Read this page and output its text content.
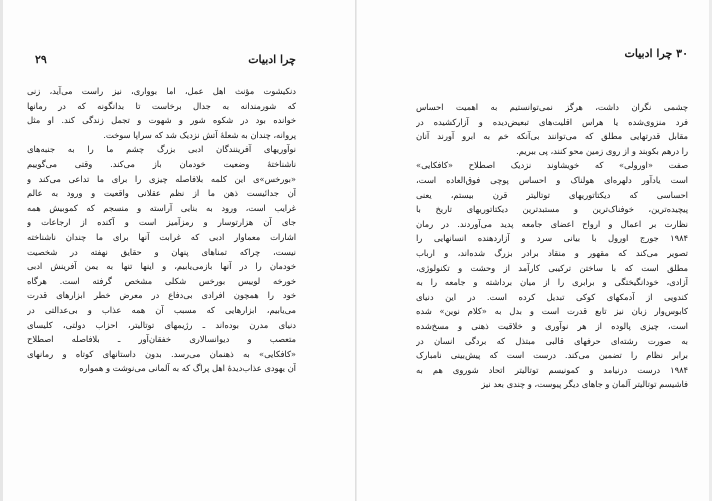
چرا ادبیات
۲۹
دنکیشوت مؤنث اهل عمل، اما بوواری، نیز راست می‌آید، زنی
که شورمندانه به جدال برخاست تا بدانگونه که در رمانها
خوانده بود در شکوه شور و شهوت و تجمل زندگی کند. او مثل
پروانه، چندان به شعلهٔ آتش نزدیک شد که سراپا سوخت.
نوآوریهای آفرینندگان ادبی بزرگ چشم ما را به جنبه‌های
ناشناختهٔ وضعیت خودمان باز می‌کند. وقتی می‌گوییم
«بورخس»‌ی این کلمه بلافاصله چیزی را برای ما تداعی می‌کند و
آن جدائیست ذهن ما از نظم عقلانی واقعیت و ورود به عالم
غرایب است، ورود به بنایی آراسته و منسجم که کموبیش همه
جای آن هزارتوسار و رمزآمیز است و آکنده از ارجاعات و
اشارات معماوار ادبی که غرابت آنها برای ما چندان ناشناخته
نیست، چراکه تمنا‌های پنهان و حقایق نهفته در شخصیت
خودمان را در آنها بازمی‌یابیم، و اینها تنها به یمن آفرینش ادبی
خورخه لوییس بورخس شکلی مشخص گرفته است. هرگاه
خود را همچون افرادی بی‌دفاع در معرض خطر ابزارهای قدرت
می‌یابیم، ابزارهایی که مسبب آن همه عذاب و بی‌عدالتی در
دنیای مدرن بوده‌اند ـ رژیمهای توتالیتر، احزاب دولتی، کلیسای
متعصب و دیوانسالاری خفقان‌آور ـ بلافاصله اصطلاح
«کافکایی» به ذهنمان می‌رسد. بدون داستانهای کوتاه و رمانهای
آن یهودی عذاب‌دیدهٔ اهل پراگ که به آلمانی می‌نوشت و همواره
۳۰ چرا ادبیات
چشمی نگران داشت، هرگز نمی‌توانستیم به اهمیت احساس
فرد منزوی‌شده یا هراس اقلیت‌های تبعیض‌دیده و آزارکشیده در
مقابل قدرتهایی مطلق که می‌توانند بی‌آنکه خم به ابرو آورند آنان
را درهم بکوبند و از روی زمین محو کنند، پی ببریم.
صفت «اورولی» که خویشاوند نزدیک اصطلاح «کافکایی»
است یادآور دلهره‌ای هولناک و احساس پوچی فوق‌العاده است،
احساسی که دیکتاتوریهای توتالیتر قرن بیستم، یعنی
پیچیده‌ترین، خوفناک‌ترین و مستبدترین دیکتاتوریهای تاریخ با
نظارت بر اعمال و ارواح اعضای جامعه پدید می‌آوردند. در رمان
۱۹۸۴ جورج اورول با بیانی سرد و آزاردهنده انسانهایی را
تصویر می‌کند که مقهور و منقاد برادر بزرگ شده‌اند، و ارباب
مطلق است که با ساختن ترکیبی کارآمد از وحشت و تکنولوژی،
آزادی، خودانگیختگی و برابری را از میان برداشته و جامعه را به
کندویی از آدمکهای کوکی تبدیل کرده است. در این دنیای
کابوس‌وار زبان نیز تابع قدرت است و بدل به «کلام نوین» شده
است، چیزی پالوده از هر نوآوری و خلاقیت ذهنی و مسخ‌شده
به صورت رشته‌ای حرفهای قالبی مبتذل که بردگی انسان در
برابر نظام را تضمین می‌کند. درست است که پیش‌بینی نامبارک
۱۹۸۴ درست درنیامد و کمونیسم توتالیتر اتحاد شوروی هم به
فاشیسم توتالیتر آلمان و جاهای دیگر پیوست، و چندی بعد نیز
